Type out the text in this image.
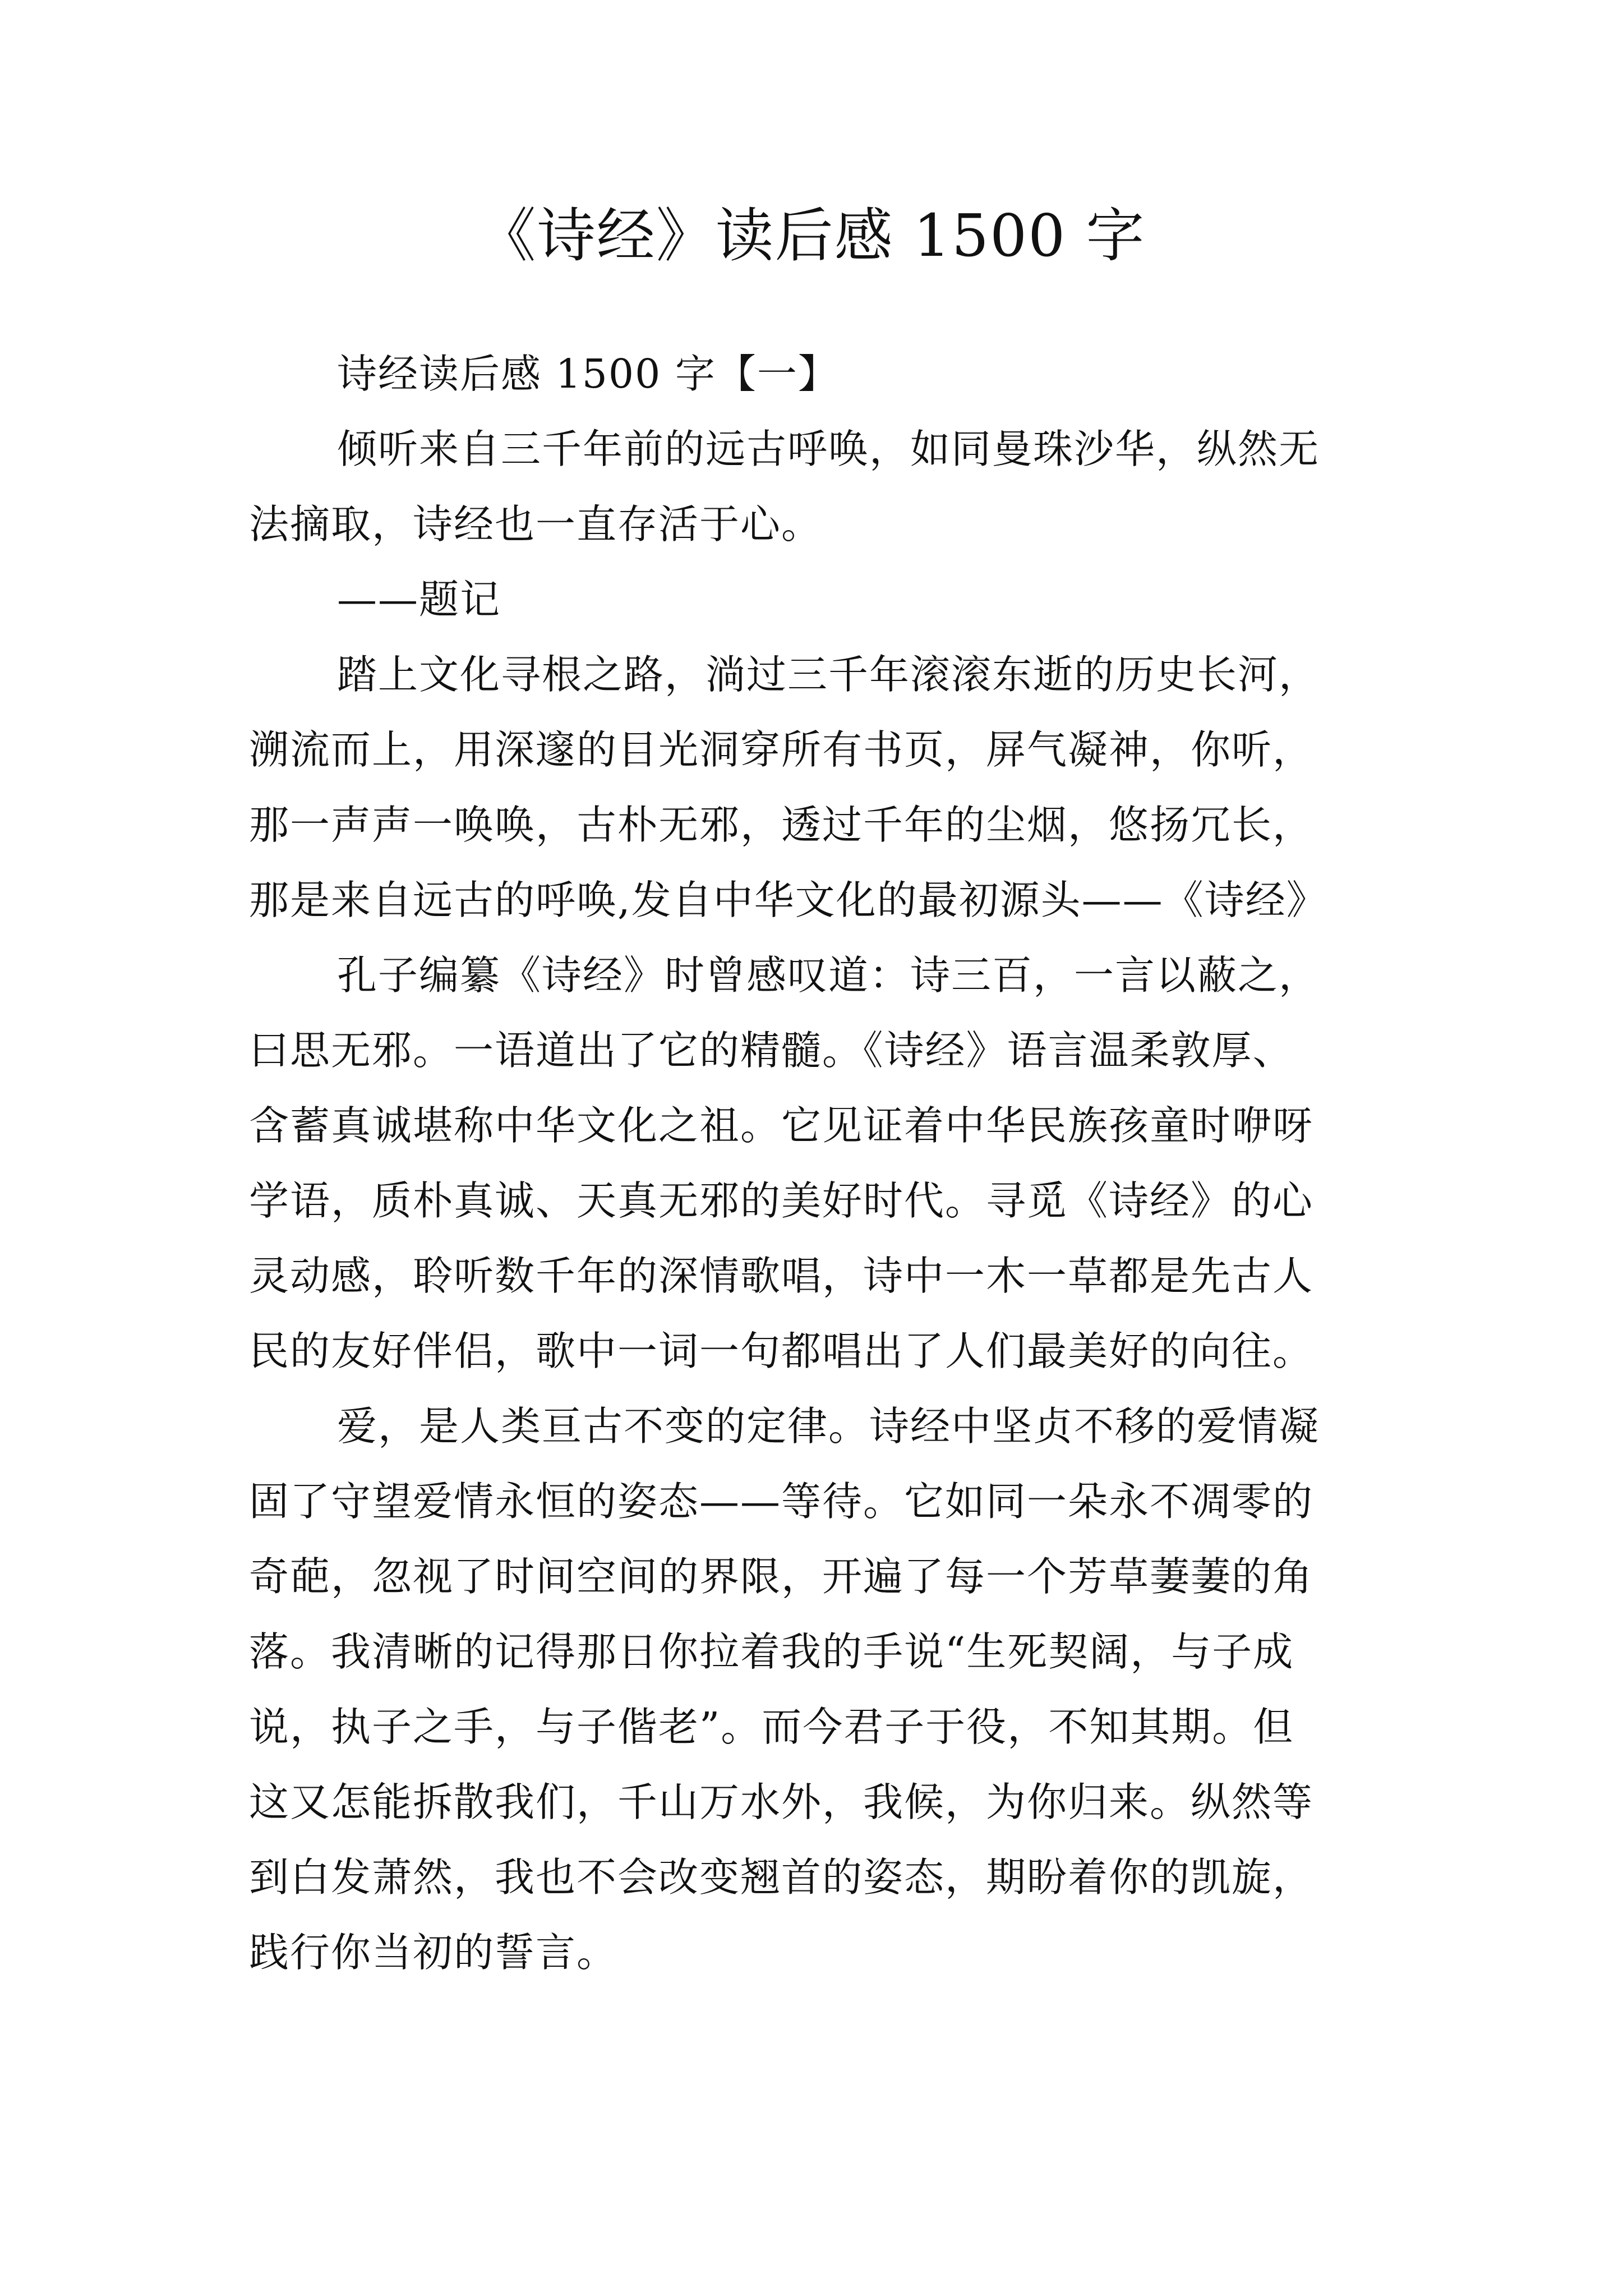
《诗经》读后感 1500 字
诗经读后感 1500 字【一】
倾听来自三千年前的远古呼唤，如同曼珠沙华，纵然无
法摘取，诗经也一直存活于心。
——题记
踏上文化寻根之路，淌过三千年滚滚东逝的历史长河，
溯流而上，用深邃的目光洞穿所有书页，屏气凝神，你听，
那一声声一唤唤，古朴无邪，透过千年的尘烟，悠扬冗长，
那是来自远古的呼唤,发自中华文化的最初源头——《诗经》
孔子编纂《诗经》时曾感叹道：诗三百，一言以蔽之，
曰思无邪。一语道出了它的精髓。《诗经》语言温柔敦厚、
含蓄真诚堪称中华文化之祖。它见证着中华民族孩童时咿呀
学语，质朴真诚、天真无邪的美好时代。寻觅《诗经》的心
灵动感，聆听数千年的深情歌唱，诗中一木一草都是先古人
民的友好伴侣，歌中一词一句都唱出了人们最美好的向往。
爱，是人类亘古不变的定律。诗经中坚贞不移的爱情凝
固了守望爱情永恒的姿态——等待。它如同一朵永不凋零的
奇葩，忽视了时间空间的界限，开遍了每一个芳草萋萋的角
落。我清晰的记得那日你拉着我的手说“生死契阔，与子成
说，执子之手，与子偕老”。而今君子于役，不知其期。但
这又怎能拆散我们，千山万水外，我候，为你归来。纵然等
到白发萧然，我也不会改变翘首的姿态，期盼着你的凯旋，
践行你当初的誓言。
